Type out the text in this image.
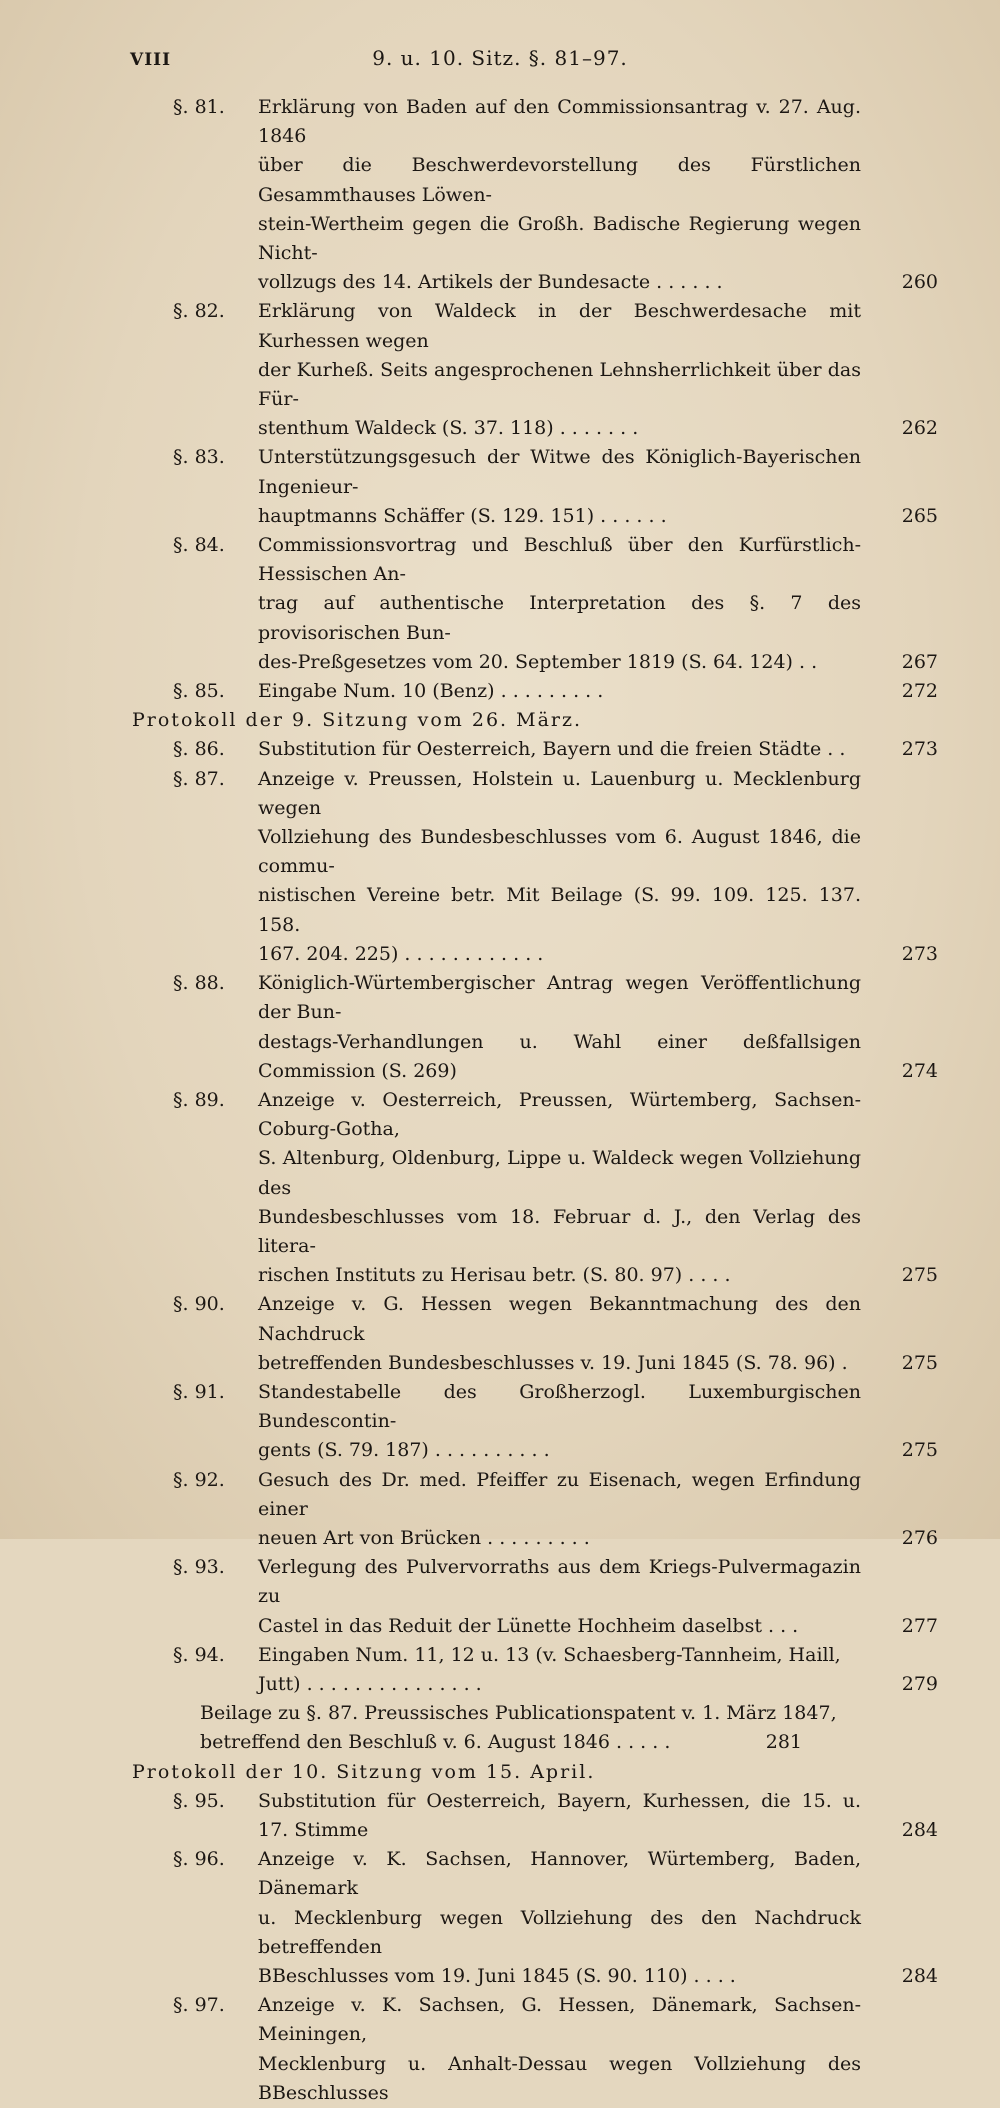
VIII	9. u. 10. Sitz. §. 81–97.
§. 81.	Erklärung von Baden auf den Commissionsantrag v. 27. Aug. 1846
über die Beschwerdevorstellung des Fürstlichen Gesammthauses Löwen-
stein-Wertheim gegen die Großh. Badische Regierung wegen Nicht-
vollzugs des 14. Artikels der Bundesacte . . . . . .	260
§. 82.	Erklärung von Waldeck in der Beschwerdesache mit Kurhessen wegen
der Kurheß. Seits angesprochenen Lehnsherrlichkeit über das Für-
stenthum Waldeck (S. 37. 118) . . . . . . .	262
§. 83.	Unterstützungsgesuch der Witwe des Königlich-Bayerischen Ingenieur-
hauptmanns Schäffer (S. 129. 151) . . . . . .	265
§. 84.	Commissionsvortrag und Beschluß über den Kurfürstlich-Hessischen An-
trag auf authentische Interpretation des §. 7 des provisorischen Bun-
des-Preßgesetzes vom 20. September 1819 (S. 64. 124) . .	267
§. 85.	Eingabe Num. 10 (Benz) . . . . . . . . .	272
Protokoll der 9. Sitzung vom 26. März.
§. 86.	Substitution für Oesterreich, Bayern und die freien Städte . .	273
§. 87.	Anzeige v. Preussen, Holstein u. Lauenburg u. Mecklenburg wegen
Vollziehung des Bundesbeschlusses vom 6. August 1846, die commu-
nistischen Vereine betr. Mit Beilage (S. 99. 109. 125. 137. 158.
167. 204. 225) . . . . . . . . . . . .	273
§. 88.	Königlich-Würtembergischer Antrag wegen Veröffentlichung der Bun-
destags-Verhandlungen u. Wahl einer deßfallsigen Commission (S. 269)	274
§. 89.	Anzeige v. Oesterreich, Preussen, Würtemberg, Sachsen-Coburg-Gotha,
S. Altenburg, Oldenburg, Lippe u. Waldeck wegen Vollziehung des
Bundesbeschlusses vom 18. Februar d. J., den Verlag des litera-
rischen Instituts zu Herisau betr. (S. 80. 97) . . . .	275
§. 90.	Anzeige v. G. Hessen wegen Bekanntmachung des den Nachdruck
betreffenden Bundesbeschlusses v. 19. Juni 1845 (S. 78. 96) .	275
§. 91.	Standestabelle des Großherzogl. Luxemburgischen Bundescontin-
gents (S. 79. 187) . . . . . . . . . .	275
§. 92.	Gesuch des Dr. med. Pfeiffer zu Eisenach, wegen Erfindung einer
neuen Art von Brücken . . . . . . . . .	276
§. 93.	Verlegung des Pulvervorraths aus dem Kriegs-Pulvermagazin zu
Castel in das Reduit der Lünette Hochheim daselbst . . .	277
§. 94.	Eingaben Num. 11, 12 u. 13 (v. Schaesberg-Tannheim, Haill,
Jutt) . . . . . . . . . . . . . . .	279
Beilage zu §. 87. Preussisches Publicationspatent v. 1. März 1847,
betreffend den Beschluß v. 6. August 1846 . . . . .	281
Protokoll der 10. Sitzung vom 15. April.
§. 95.	Substitution für Oesterreich, Bayern, Kurhessen, die 15. u. 17. Stimme	284
§. 96.	Anzeige v. K. Sachsen, Hannover, Würtemberg, Baden, Dänemark
u. Mecklenburg wegen Vollziehung des den Nachdruck betreffenden
BBeschlusses vom 19. Juni 1845 (S. 90. 110) . . . .	284
§. 97.	Anzeige v. K. Sachsen, G. Hessen, Dänemark, Sachsen-Meiningen,
Mecklenburg u. Anhalt-Dessau wegen Vollziehung des BBeschlusses
